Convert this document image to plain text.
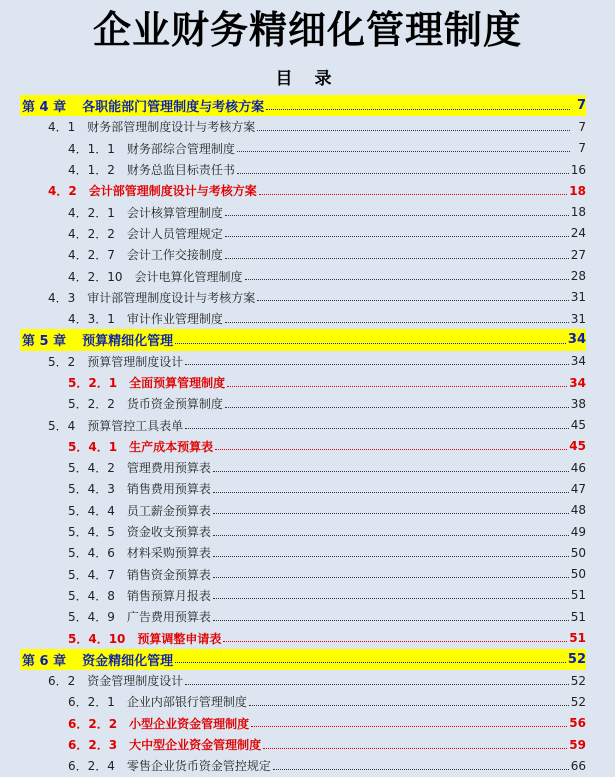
企业财务精细化管理制度
目 录
第 4 章 各职能部门管理制度与考核方案	7
4．1 财务部管理制度设计与考核方案	7
4．1．1 财务部综合管理制度	7
4．1．2 财务总监目标责任书	16
4．2 会计部管理制度设计与考核方案	18
4．2．1 会计核算管理制度	18
4．2．2 会计人员管理规定	24
4．2．7 会计工作交接制度	27
4．2．10 会计电算化管理制度	28
4．3 审计部管理制度设计与考核方案	31
4．3．1 审计作业管理制度	31
第 5 章 预算精细化管理	34
5．2 预算管理制度设计	34
5．2．1 全面预算管理制度	34
5．2．2 货币资金预算制度	38
5．4 预算管控工具表单	45
5．4．1 生产成本预算表	45
5．4．2 管理费用预算表	46
5．4．3 销售费用预算表	47
5．4．4 员工薪金预算表	48
5．4．5 资金收支预算表	49
5．4．6 材料采购预算表	50
5．4．7 销售资金预算表	50
5．4．8 销售预算月报表	51
5．4．9 广告费用预算表	51
5．4．10 预算调整申请表	51
第 6 章 资金精细化管理	52
6．2 资金管理制度设计	52
6．2．1 企业内部银行管理制度	52
6．2．2 小型企业资金管理制度	56
6．2．3 大中型企业资金管理制度	59
6．2．4 零售企业货币资金管控规定	66
